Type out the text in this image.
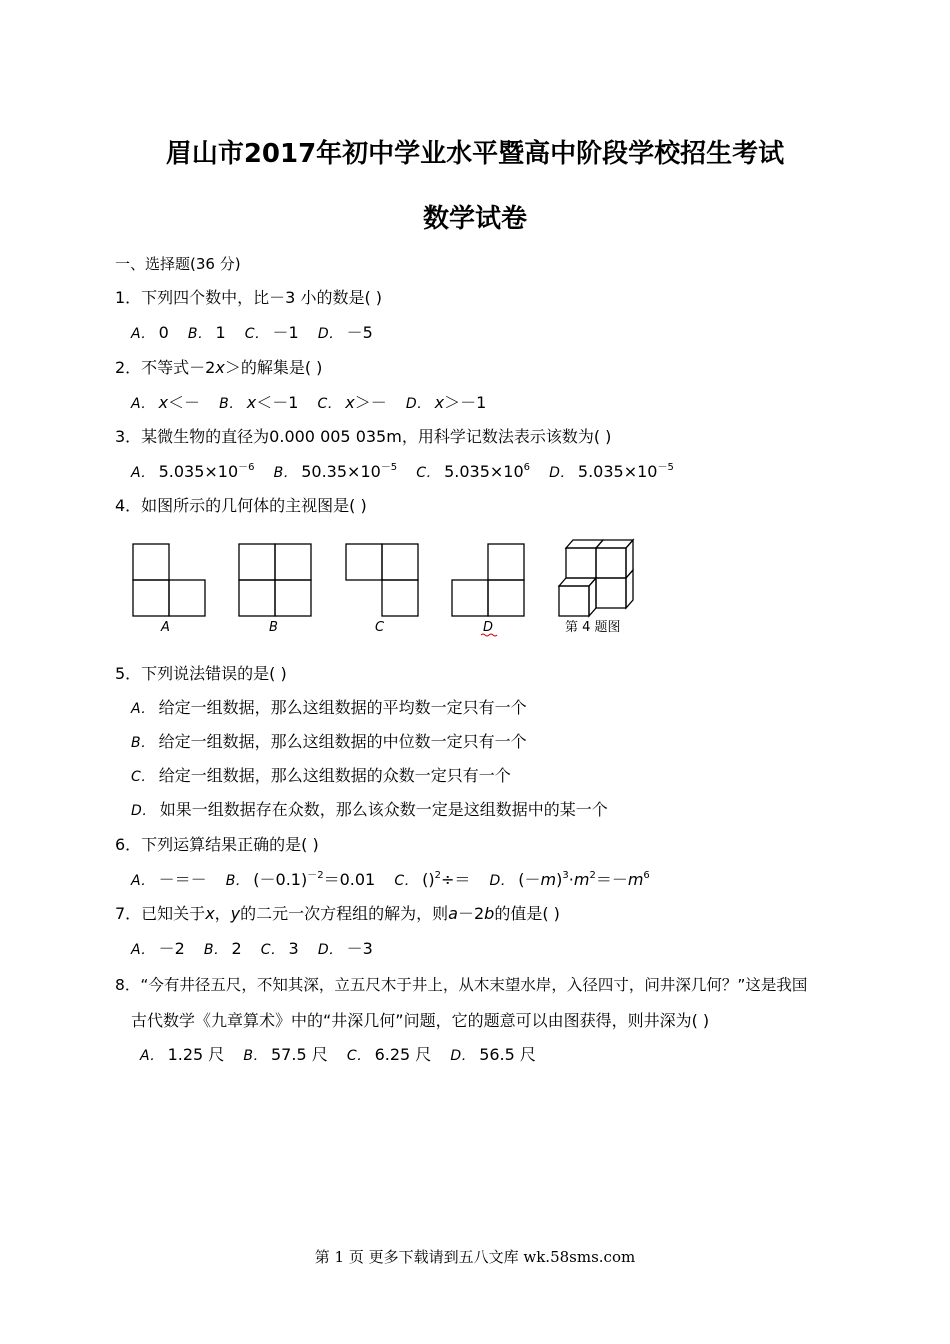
眉山市2017年初中学业水平暨高中阶段学校招生考试
数学试卷
一、选择题(36 分)
1．下列四个数中，比－3 小的数是( )
A． 0 B． 1 C． －1 D． －5
2．不等式－2x＞的解集是( )
A． x＜－ B． x＜－1 C． x＞－ D． x＞－1
3．某微生物的直径为0.000 005 035m，用科学记数法表示该数为( )
A． $5.035\times 10^{-6}$ B． $50.35\times 10^{-5}$ C． $5.035\times 10^6$ D． $5.035\times 10^{-5}$
4．如图所示的几何体的主视图是( )
A	B	C	D	第 4 题图
5．下列说法错误的是( )
A． 给定一组数据，那么这组数据的平均数一定只有一个
B． 给定一组数据，那么这组数据的中位数一定只有一个
C． 给定一组数据，那么这组数据的众数一定只有一个
D． 如果一组数据存在众数，那么该众数一定是这组数据中的某一个
6．下列运算结果正确的是( )
A． －＝－ B． $(-0.1)^{-2}=0.01$ C． ()$^2$÷＝ D． $(-m)^3\cdot m^2=-m^6$
7．已知关于x，y的二元一次方程组的解为，则a－2b的值是( )
A． －2 B． 2 C． 3 D． －3
8．“今有井径五尺，不知其深，立五尺木于井上，从木末望水岸，入径四寸，问井深几何？”这是我国
古代数学《九章算术》中的“井深几何”问题，它的题意可以由图获得，则井深为( )
A． 1.25 尺 B． 57.5 尺 C． 6.25 尺 D． 56.5 尺
第 1 页 更多下载请到五八文库 wk.58sms.com
